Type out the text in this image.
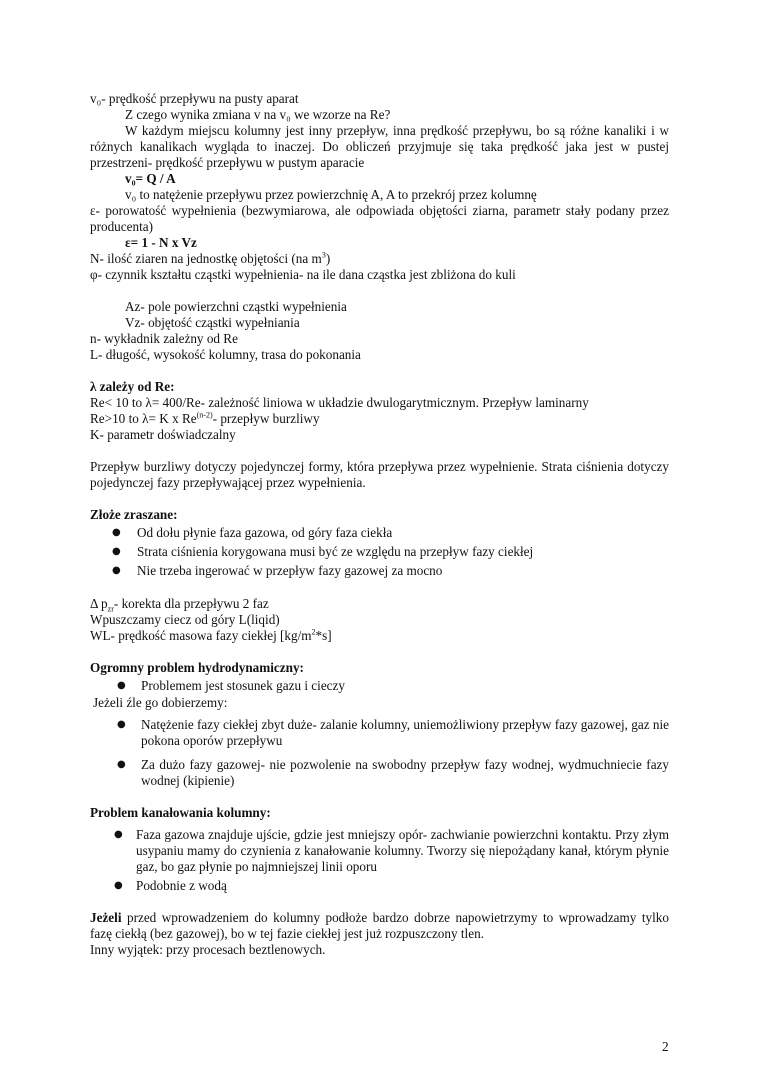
v₀- prędkość przepływu na pusty aparat

Z czego wynika zmiana v na v₀ we wzorze na Re?

W każdym miejscu kolumny jest inny przepływ, inna prędkość przepływu, bo są różne kanaliki i w różnych kanalikach wygląda to inaczej. Do obliczeń przyjmuje się taka prędkość jaka jest w pustej przestrzeni- prędkość przepływu w pustym aparacie

v₀= Q / A

v₀ to natężenie przepływu przez powierzchnię A, A to przekrój przez kolumnę

ε- porowatość wypełnienia (bezwymiarowa, ale odpowiada objętości ziarna, parametr stały podany przez producenta)

ε= 1 - N x Vz

N- ilość ziaren na jednostkę objętości (na $m^3$)

φ- czynnik kształtu cząstki wypełnienia- na ile dana cząstka jest zbliżona do kuli

Az- pole powierzchni cząstki wypełnienia

Vz- objętość cząstki wypełniania

n- wykładnik zależny od Re

L- długość, wysokość kolumny, trasa do pokonania

λ zależy od Re:

Re< 10 to λ= 400/Re- zależność liniowa w układzie dwulogarytmicznym. Przepływ laminarny

Re>10 to λ= K x Re$^{(n-2)}$- przepływ burzliwy

K- parametr doświadczalny

Przepływ burzliwy dotyczy pojedynczej formy, która przepływa przez wypełnienie. Strata ciśnienia dotyczy pojedynczej fazy przepływającej przez wypełnienia.

Złoże zraszane:

● Od dołu płynie faza gazowa, od góry faza ciekła
● Strata ciśnienia korygowana musi być ze względu na przepływ fazy ciekłej
● Nie trzeba ingerować w przepływ fazy gazowej za mocno

Δ $p_{zr}-$ korekta dla przepływu 2 faz

Wpuszczamy ciecz od góry L(liqid)

WL- prędkość masowa fazy ciekłej $[kg/m^2*s]$

Ogromny problem hydrodynamiczny:

● Problemem jest stosunek gazu i cieczy

Jeżeli źle go dobierzemy:

● Natężenie fazy ciekłej zbyt duże- zalanie kolumny, uniemożliwiony przepływ fazy gazowej, gaz nie pokona oporów przepływu
● Za dużo fazy gazowej- nie pozwolenie na swobodny przepływ fazy wodnej, wydmuchniecie fazy wodnej (kipienie)

Problem kanałowania kolumny:

● Faza gazowa znajduje ujście, gdzie jest mniejszy opór- zachwianie powierzchni kontaktu. Przy złym usypaniu mamy do czynienia z kanałowanie kolumny. Tworzy się niepożądany kanał, którym płynie gaz, bo gaz płynie po najmniejszej linii oporu
● Podobnie z wodą

Jeżeli przed wprowadzeniem do kolumny podłoże bardzo dobrze napowietrzymy to wprowadzamy tylko fazę ciekłą (bez gazowej), bo w tej fazie ciekłej jest już rozpuszczony tlen.

Inny wyjątek: przy procesach beztlenowych.

2
